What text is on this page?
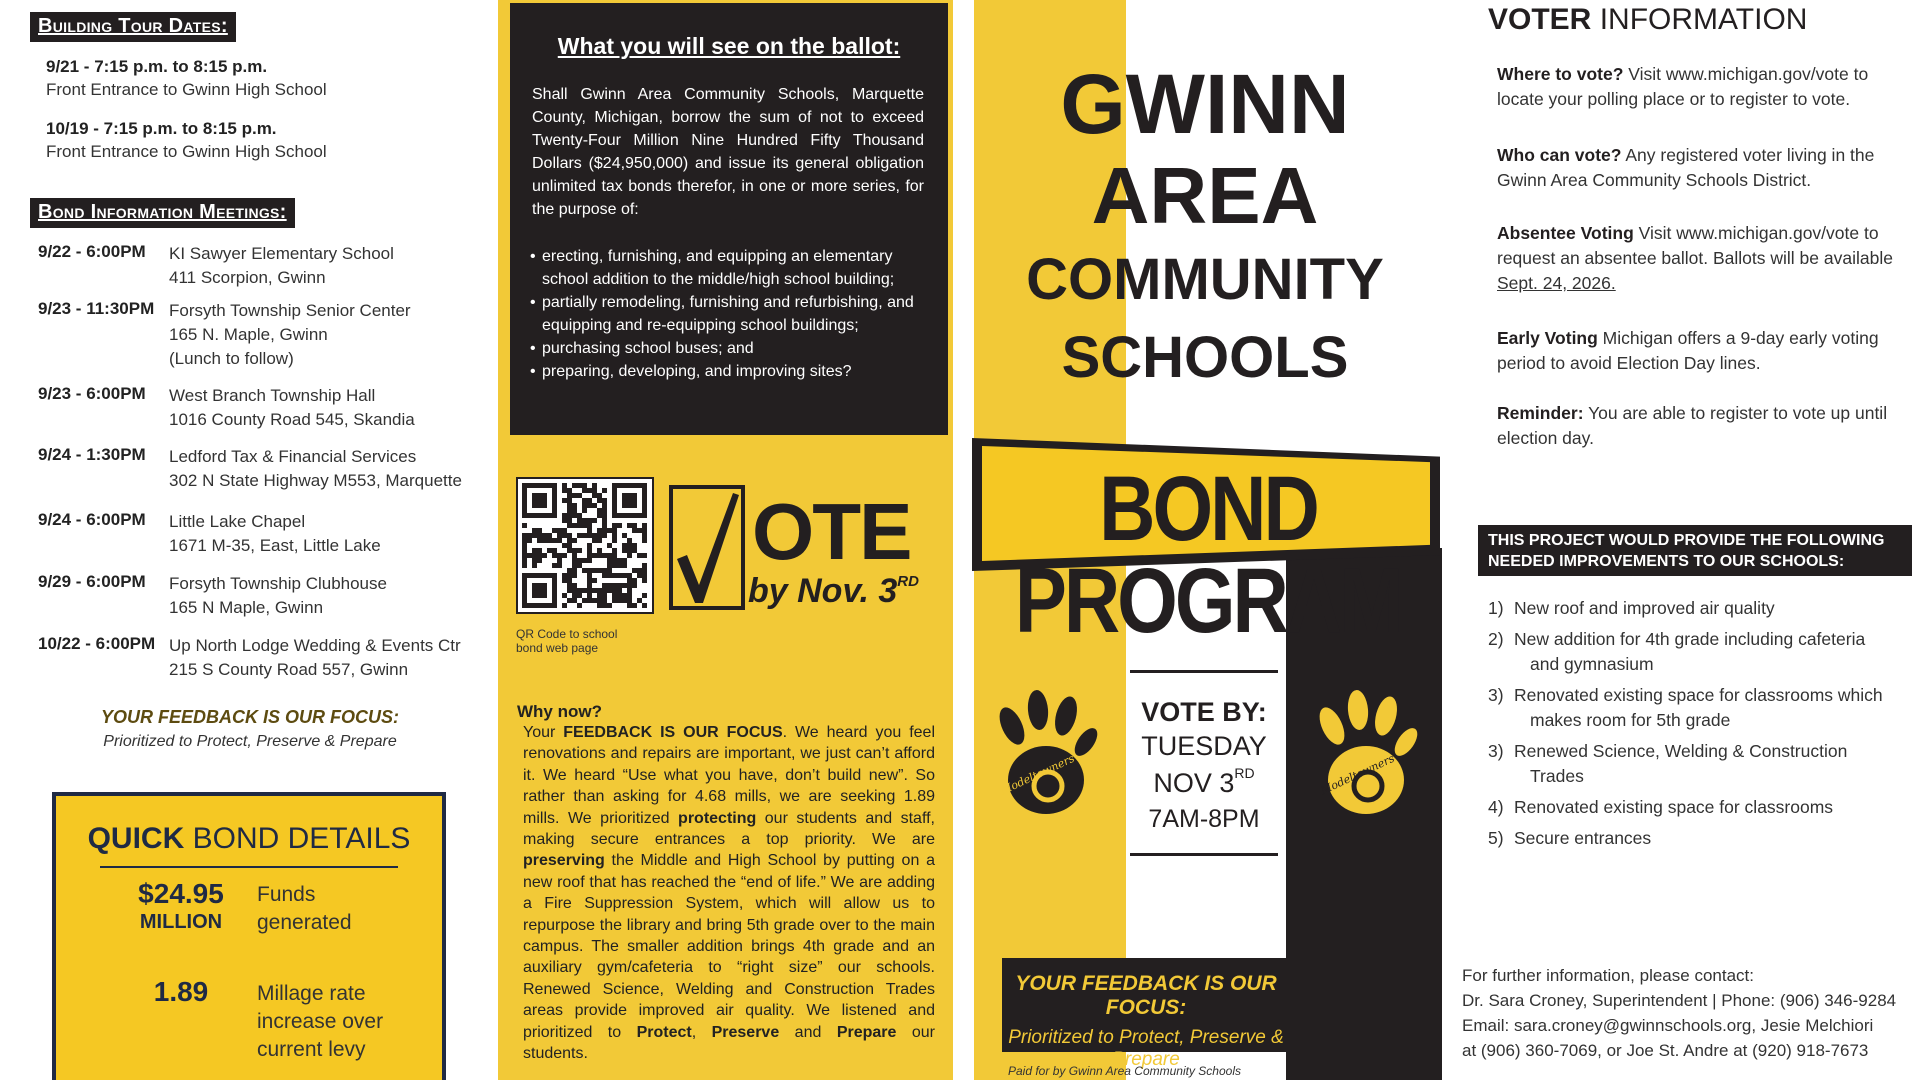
Building Tour Dates:
9/21 - 7:15 p.m. to 8:15 p.m.
Front Entrance to Gwinn High School
10/19 - 7:15 p.m. to 8:15 p.m.
Front Entrance to Gwinn High School
Bond Information Meetings:
9/22 - 6:00PM KI Sawyer Elementary School
411 Scorpion, Gwinn
9/23 - 11:30PM Forsyth Township Senior Center
165 N. Maple, Gwinn
(Lunch to follow)
9/23 - 6:00PM West Branch Township Hall
1016 County Road 545, Skandia
9/24 - 1:30PM Ledford Tax & Financial Services
302 N State Highway M553, Marquette
9/24 - 6:00PM Little Lake Chapel
1671 M-35, East, Little Lake
9/29 - 6:00PM Forsyth Township Clubhouse
165 N Maple, Gwinn
10/22 - 6:00PM Up North Lodge Wedding & Events Ctr
215 S County Road 557, Gwinn
YOUR FEEDBACK IS OUR FOCUS:
Prioritized to Protect, Preserve & Prepare
QUICK BOND DETAILS
$24.95
MILLION
Funds
generated
1.89	Millage rate
increase over
current levy
What you will see on the ballot:
Shall Gwinn Area Community Schools, Marquette County, Michigan, borrow the sum of not to exceed Twenty-Four Million Nine Hundred Fifty Thousand Dollars ($24,950,000) and issue its general obligation unlimited tax bonds therefor, in one or more series, for the purpose of:
• erecting, furnishing, and equipping an elementary school addition to the middle/high school building;
• partially remodeling, furnishing and refurbishing, and equipping and re-equipping school buildings;
• purchasing school buses; and
• preparing, developing, and improving sites?
QR Code to school
bond web page
OTE
by Nov. 3RD
Why now?
Your FEEDBACK IS OUR FOCUS. We heard you feel renovations and repairs are important, we just can’t afford it. We heard “Use what you have, don’t build new”. So rather than asking for 4.68 mills, we are seeking 1.89 mills. We prioritized protecting our students and staff, making secure entrances a top priority. We are preserving the Middle and High School by putting on a new roof that has reached the “end of life.” We are adding a Fire Suppression System, which will allow us to repurpose the library and bring 5th grade over to the main campus. The smaller addition brings 4th grade and an auxiliary gym/cafeteria to “right size” our schools. Renewed Science, Welding and Construction Trades areas provide improved air quality. We listened and prioritized to Protect, Preserve and Prepare our students.
GWINN
AREA
COMMUNITY
SCHOOLS
BOND PROGRAM
Modeltowners	Modeltowners
VOTE BY:
TUESDAY
NOV 3RD
7AM-8PM
YOUR FEEDBACK IS OUR FOCUS:
Prioritized to Protect, Preserve & Prepare
Paid for by Gwinn Area Community Schools
VOTER INFORMATION
Where to vote? Visit www.michigan.gov/vote to locate your polling place or to register to vote.
Who can vote? Any registered voter living in the Gwinn Area Community Schools District.
Absentee Voting Visit www.michigan.gov/vote to request an absentee ballot. Ballots will be available Sept. 24, 2026.
Early Voting Michigan offers a 9-day early voting period to avoid Election Day lines.
Reminder: You are able to register to vote up until election day.
THIS PROJECT WOULD PROVIDE THE FOLLOWING
NEEDED IMPROVEMENTS TO OUR SCHOOLS:
1) New roof and improved air quality
2) New addition for 4th grade including cafeteria
and gymnasium
3) Renovated existing space for classrooms which
makes room for 5th grade
3) Renewed Science, Welding & Construction
Trades
4) Renovated existing space for classrooms
5) Secure entrances
For further information, please contact:
Dr. Sara Croney, Superintendent | Phone: (906) 346-9284
Email: sara.croney@gwinnschools.org, Jesie Melchiori
at (906) 360-7069, or Joe St. Andre at (920) 918-7673
